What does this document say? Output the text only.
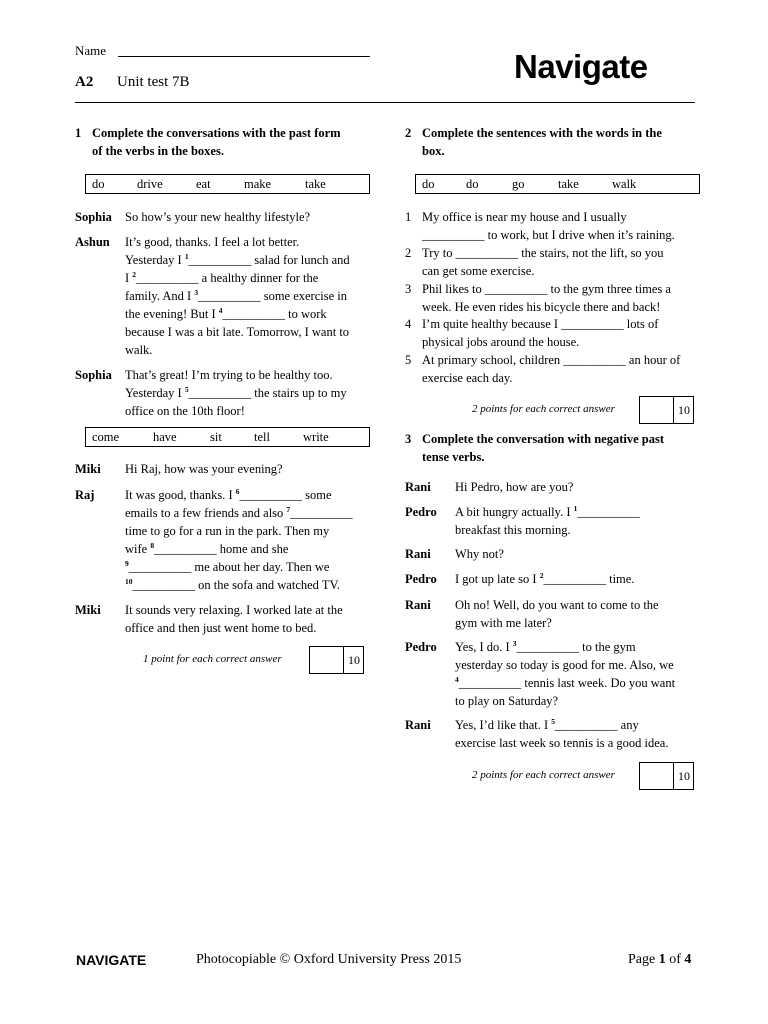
Name
A2 Unit test 7B	Navigate
1 Complete the conversations with the past form
of the verbs in the boxes.
do	drive	eat	make	take
Sophia So how’s your new healthy lifestyle?
Ashun It’s good, thanks. I feel a lot better.
Yesterday I $^1$__________ salad for lunch and
I $^2$__________ a healthy dinner for the
family. And I $^3$__________ some exercise in
the evening! But I $^4$__________ to work
because I was a bit late. Tomorrow, I want to
walk.
Sophia That’s great! I’m trying to be healthy too.
Yesterday I $^5$__________ the stairs up to my
office on the 10th floor!
come	have	sit	tell	write
Miki Hi Raj, how was your evening?
Raj It was good, thanks. I $^6$__________ some
emails to a few friends and also $^7$__________
time to go for a run in the park. Then my
wife $^8$__________ home and she
$^9$__________ me about her day. Then we
$^{10}$__________ on the sofa and watched TV.
Miki It sounds very relaxing. I worked late at the
office and then just went home to bed.
1 point for each correct answer	10
2 Complete the sentences with the words in the
box.
do	do	go	take	walk
1 My office is near my house and I usually
__________ to work, but I drive when it’s raining.
2 Try to __________ the stairs, not the lift, so you
can get some exercise.
3 Phil likes to __________ to the gym three times a
week. He even rides his bicycle there and back!
4 I’m quite healthy because I __________ lots of
physical jobs around the house.
5 At primary school, children __________ an hour of
exercise each day.
2 points for each correct answer	10
3 Complete the conversation with negative past
tense verbs.
Rani Hi Pedro, how are you?
Pedro A bit hungry actually. I $^1$__________
breakfast this morning.
Rani Why not?
Pedro I got up late so I $^2$__________ time.
Rani Oh no! Well, do you want to come to the
gym with me later?
Pedro Yes, I do. I $^3$__________ to the gym
yesterday so today is good for me. Also, we
$^4$__________ tennis last week. Do you want
to play on Saturday?
Rani Yes, I’d like that. I $^5$__________ any
exercise last week so tennis is a good idea.
2 points for each correct answer	10
NAVIGATE	Photocopiable © Oxford University Press 2015	Page 1 of 4
